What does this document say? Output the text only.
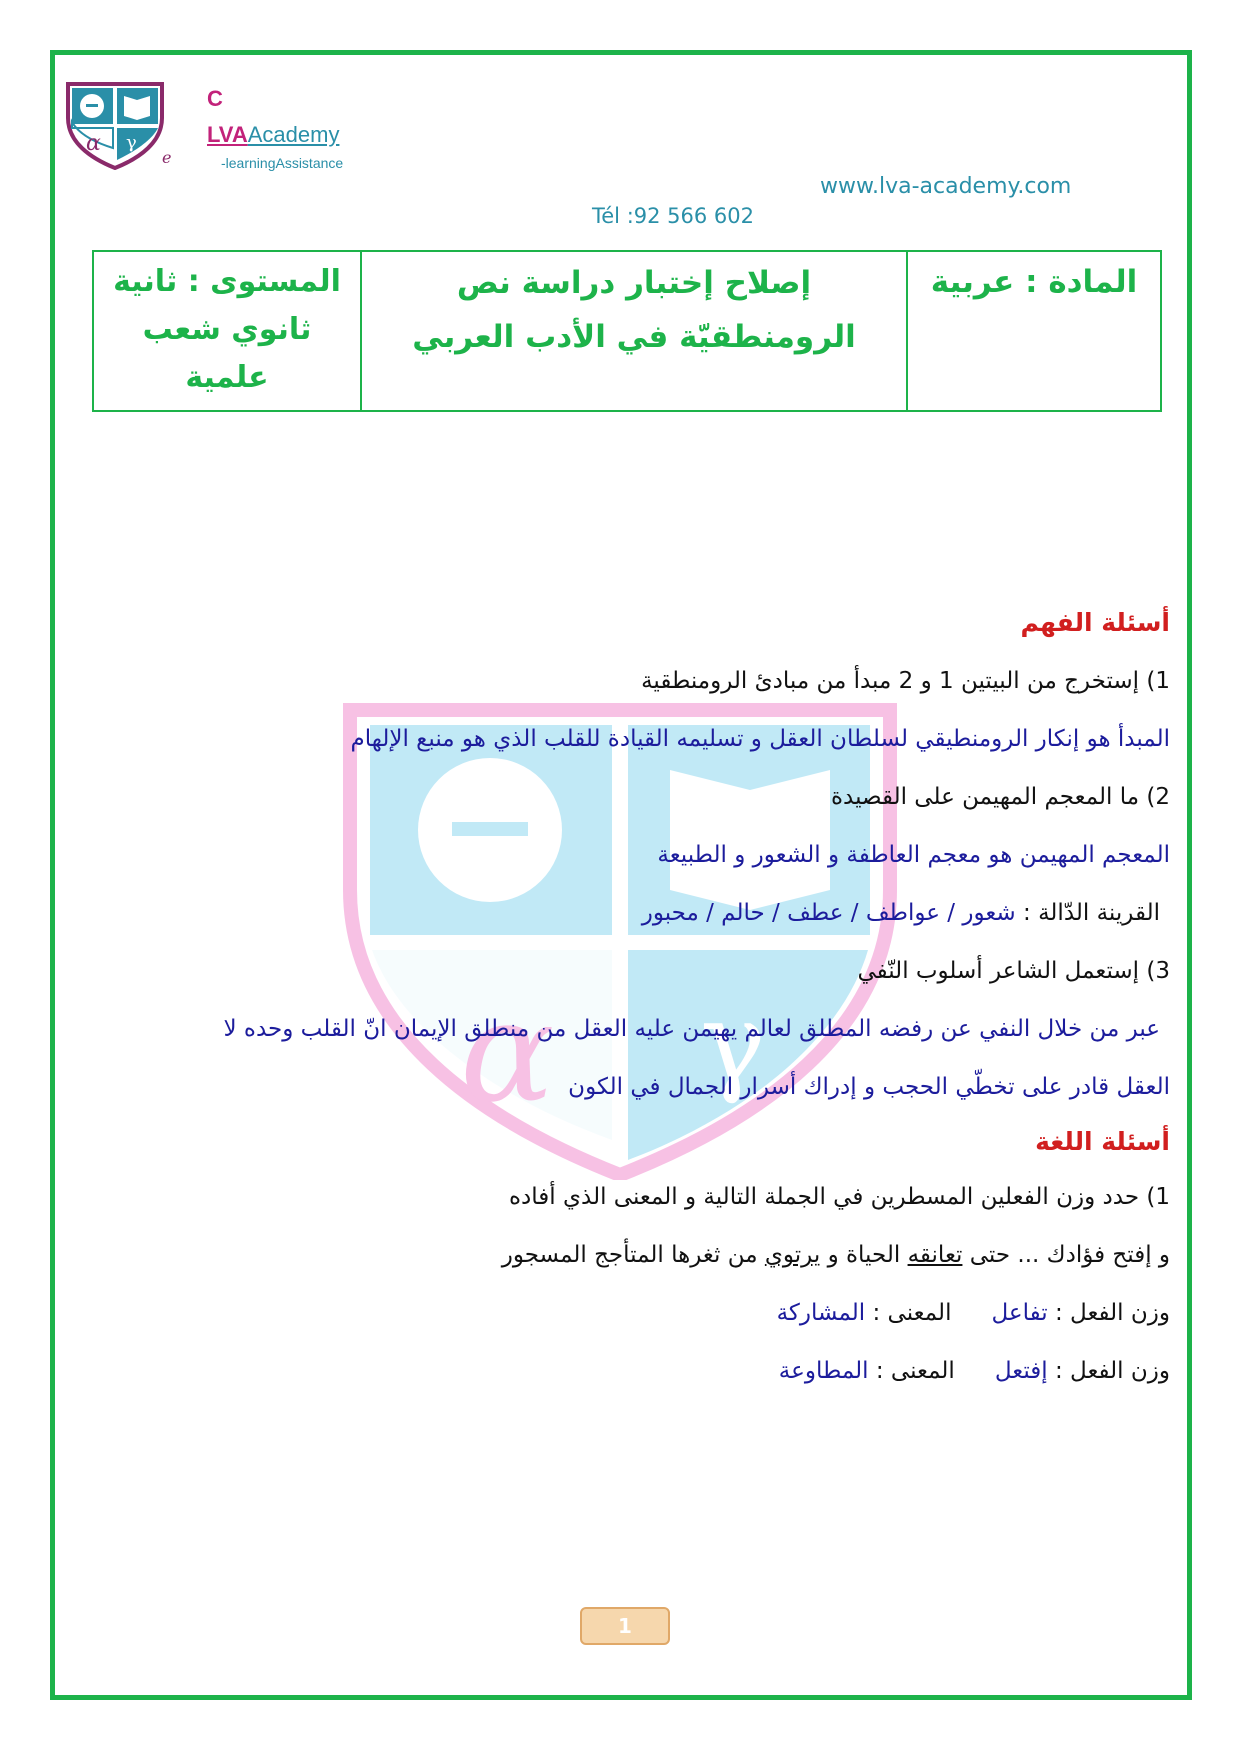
α γ
e
C
LVAAcademy
-learningAssistance
www.lva-academy.com
Tél :92 566 602
المستوى : ثانية
ثانوي شعب
علمية
إصلاح إختبار دراسة نص
الرومنطقيّة في الأدب العربي
المادة : عربية
α γ
أسئلة الفهم
1) إستخرج من البيتين 1 و 2 مبدأ من مبادئ الرومنطقية
المبدأ هو إنكار الرومنطيقي لسلطان العقل و تسليمه القيادة للقلب الذي هو منبع الإلهام
2) ما المعجم المهيمن على القصيدة
المعجم المهيمن هو معجم العاطفة و الشعور و الطبيعة
القرينة الدّالة : شعور / عواطف / عطف / حالم / محبور
3) إستعمل الشاعر أسلوب النّفي
عبر من خلال النفي عن رفضه المطلق لعالم يهيمن عليه العقل من منطلق الإيمان انّ القلب وحده لا
العقل قادر على تخطّي الحجب و إدراك أسرار الجمال في الكون
أسئلة اللغة
1) حدد وزن الفعلين المسطرين في الجملة التالية و المعنى الذي أفاده
و إفتح فؤادك ... حتى تعانقه الحياة و يرتوي من ثغرها المتأجج المسجور
وزن الفعل : تفاعلالمعنى : المشاركة
وزن الفعل : إفتعلالمعنى : المطاوعة
1
